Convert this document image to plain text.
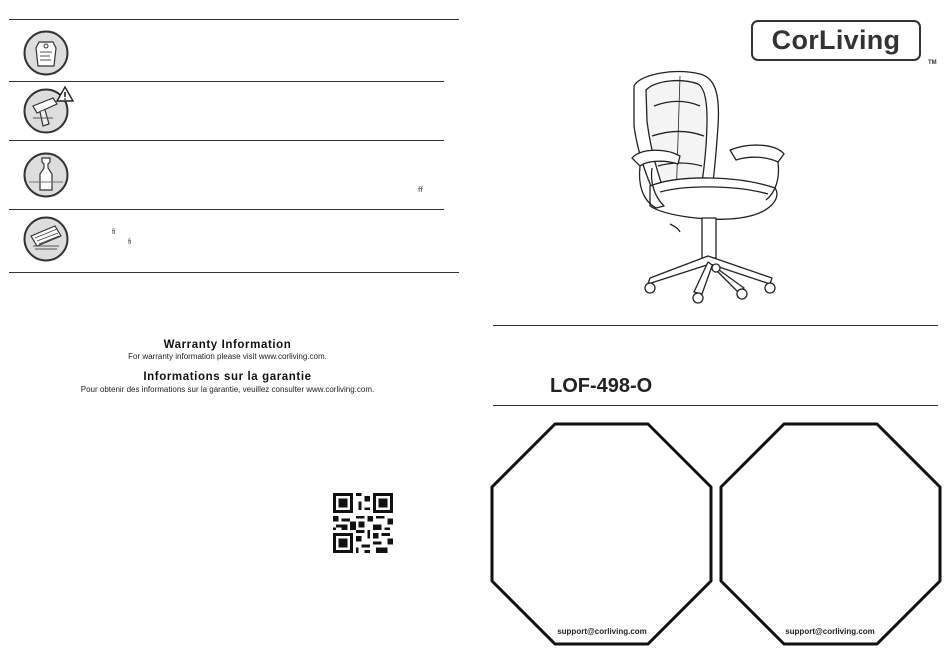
ﬀ
ﬁ
ﬁ
Warranty Information
For warranty information please visit www.corliving.com.
Informations sur la garantie
Pour obtenir des informations sur la garantie, veuillez consulter www.corliving.com.
CorLiving
TM
LOF-498-O
support@corliving.com	support@corliving.com
